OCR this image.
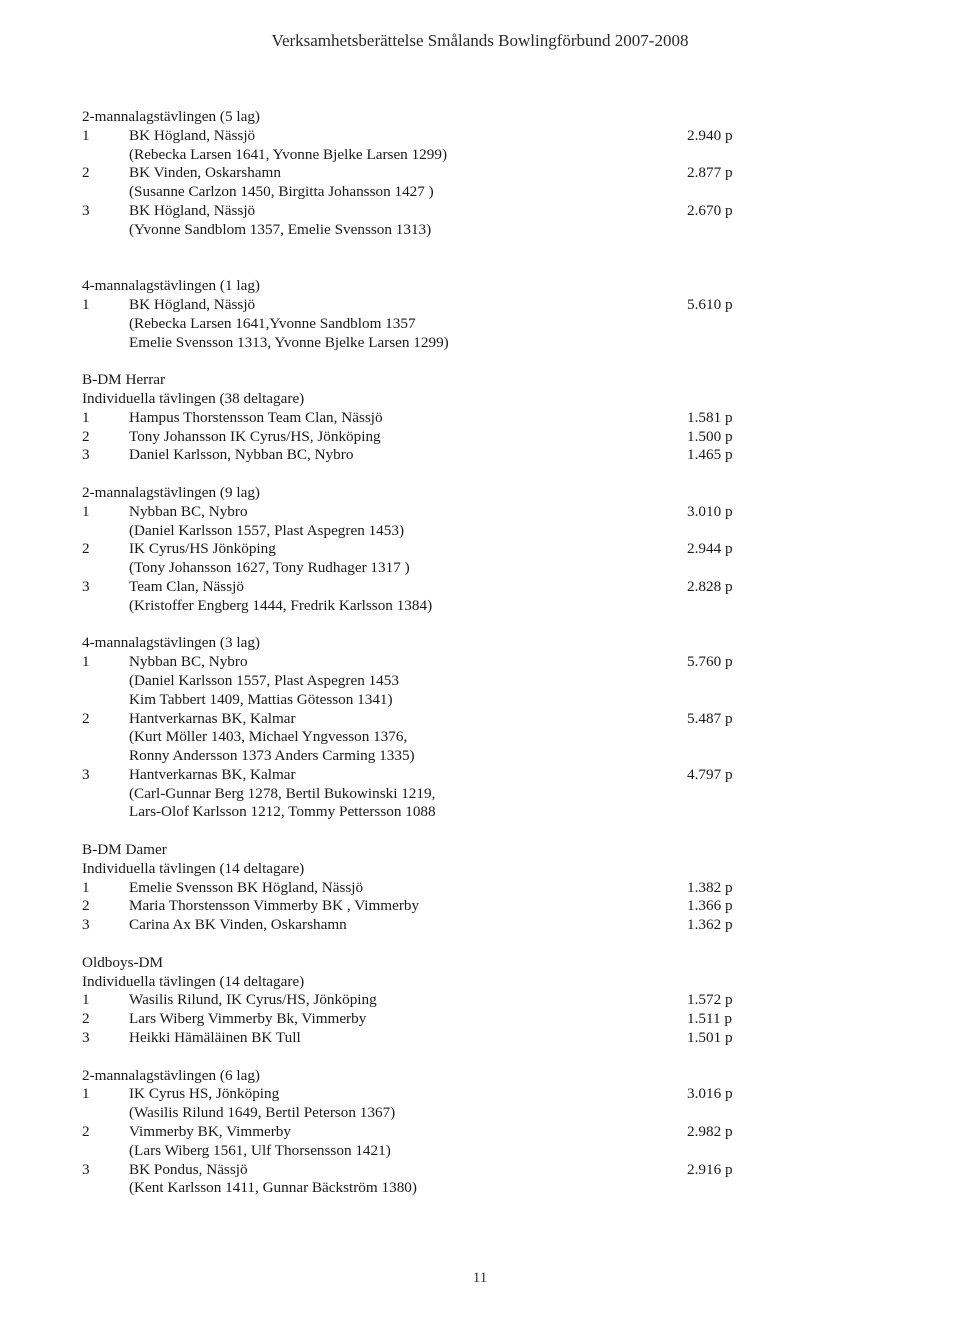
Verksamhetsberättelse Smålands Bowlingförbund 2007-2008
2-mannalagstävlingen (5 lag)
1	BK Högland, Nässjö	2.940 p
(Rebecka Larsen 1641, Yvonne Bjelke Larsen 1299)
2	BK Vinden, Oskarshamn	2.877 p
(Susanne Carlzon 1450, Birgitta Johansson 1427 )
3	BK Högland, Nässjö	2.670 p
(Yvonne Sandblom 1357, Emelie Svensson 1313)
4-mannalagstävlingen (1 lag)
1	BK Högland, Nässjö	5.610 p
(Rebecka Larsen 1641,Yvonne Sandblom 1357
Emelie Svensson 1313, Yvonne Bjelke Larsen 1299)
B-DM Herrar
Individuella tävlingen (38 deltagare)
1	Hampus Thorstensson Team Clan, Nässjö	1.581 p
2	Tony Johansson IK Cyrus/HS, Jönköping	1.500 p
3	Daniel Karlsson, Nybban BC, Nybro	1.465 p
2-mannalagstävlingen (9 lag)
1	Nybban BC, Nybro	3.010 p
(Daniel Karlsson 1557, Plast Aspegren 1453)
2	IK Cyrus/HS Jönköping	2.944 p
(Tony Johansson 1627, Tony Rudhager 1317 )
3	Team Clan, Nässjö	2.828 p
(Kristoffer Engberg 1444, Fredrik Karlsson 1384)
4-mannalagstävlingen (3 lag)
1	Nybban BC, Nybro	5.760 p
(Daniel Karlsson 1557, Plast Aspegren 1453
Kim Tabbert 1409, Mattias Götesson 1341)
2	Hantverkarnas BK, Kalmar	5.487 p
(Kurt Möller 1403, Michael Yngvesson 1376,
Ronny Andersson 1373 Anders Carming 1335)
3	Hantverkarnas BK, Kalmar	4.797 p
(Carl-Gunnar Berg 1278, Bertil Bukowinski 1219,
Lars-Olof Karlsson 1212, Tommy Pettersson 1088
B-DM Damer
Individuella tävlingen (14 deltagare)
1	Emelie Svensson BK Högland, Nässjö	1.382 p
2	Maria Thorstensson Vimmerby BK , Vimmerby	1.366 p
3	Carina Ax BK Vinden, Oskarshamn	1.362 p
Oldboys-DM
Individuella tävlingen (14 deltagare)
1	Wasilis Rilund, IK Cyrus/HS, Jönköping	1.572 p
2	Lars Wiberg Vimmerby Bk, Vimmerby	1.511 p
3	Heikki Hämäläinen BK Tull	1.501 p
2-mannalagstävlingen (6 lag)
1	IK Cyrus HS, Jönköping	3.016 p
(Wasilis Rilund 1649, Bertil Peterson 1367)
2	Vimmerby BK, Vimmerby	2.982 p
(Lars Wiberg 1561, Ulf Thorsensson 1421)
3	BK Pondus, Nässjö	2.916 p
(Kent Karlsson 1411, Gunnar Bäckström 1380)
11
